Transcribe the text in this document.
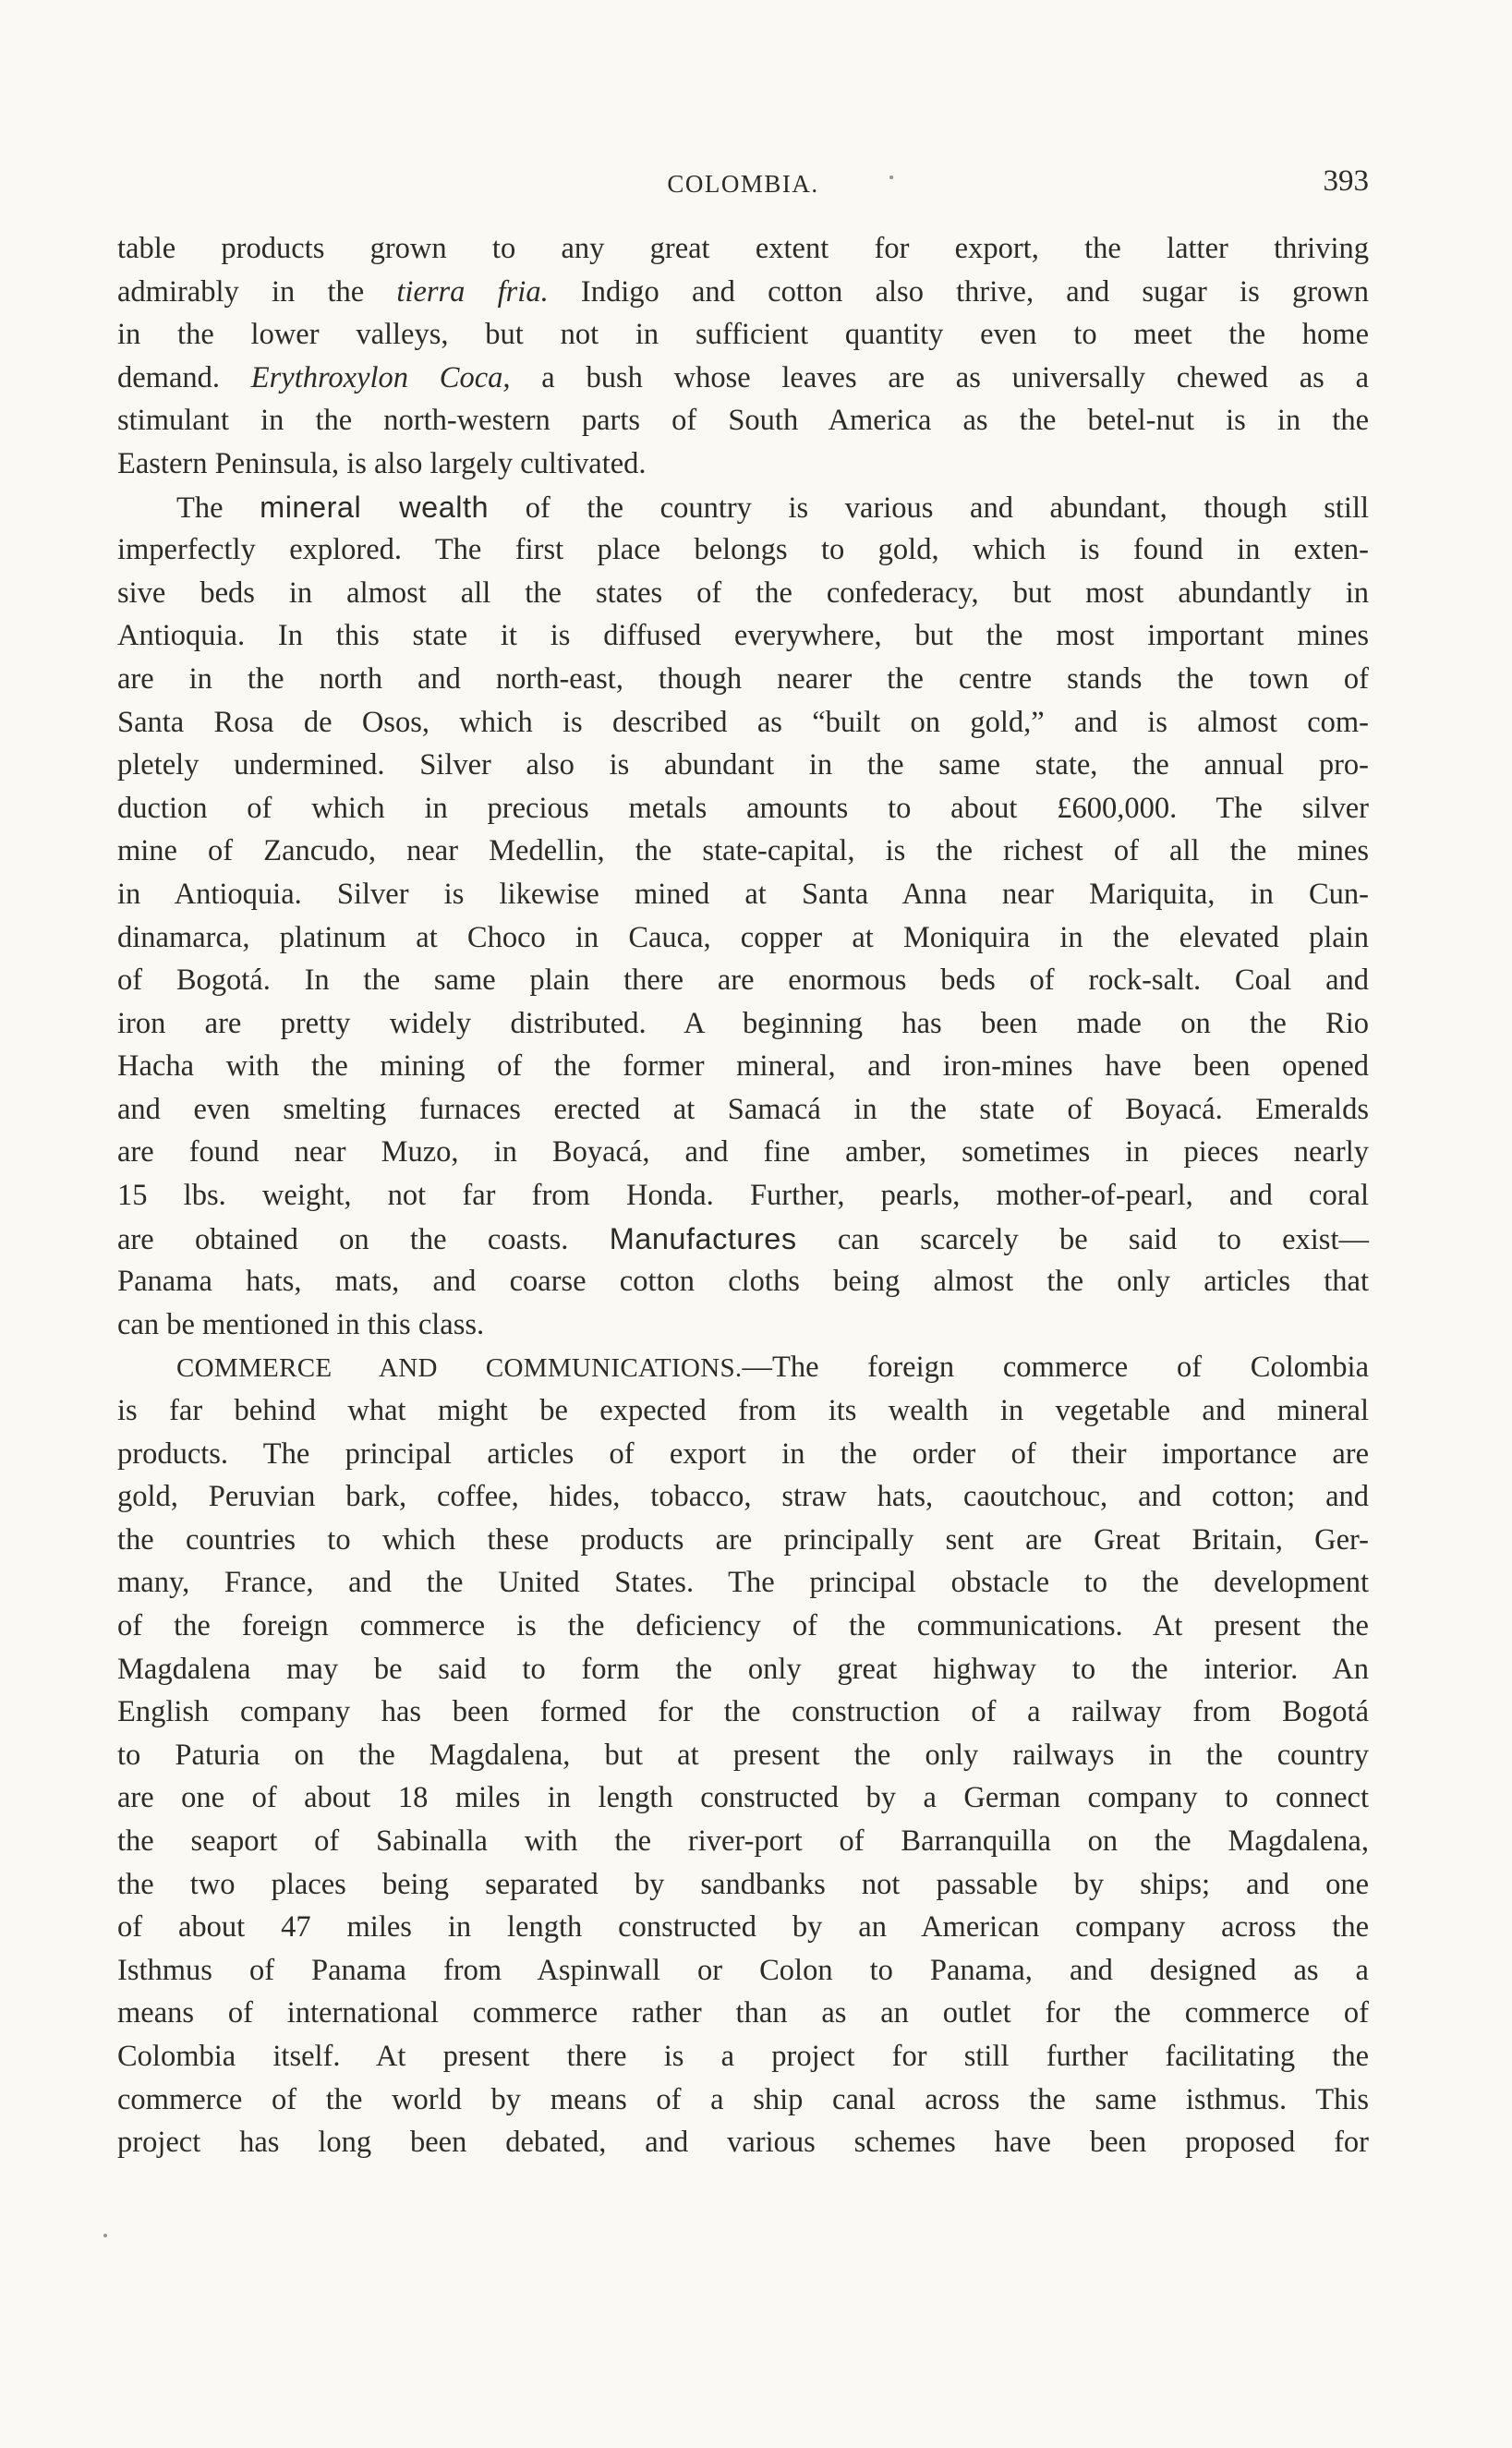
COLOMBIA.	393
table products grown to any great extent for export, the latter thriving
admirably in the tierra fria. Indigo and cotton also thrive, and sugar is grown
in the lower valleys, but not in sufficient quantity even to meet the home
demand. Erythroxylon Coca, a bush whose leaves are as universally chewed as a
stimulant in the north-western parts of South America as the betel-nut is in the
Eastern Peninsula, is also largely cultivated.
The mineral wealth of the country is various and abundant, though still
imperfectly explored. The first place belongs to gold, which is found in exten-
sive beds in almost all the states of the confederacy, but most abundantly in
Antioquia. In this state it is diffused everywhere, but the most important mines
are in the north and north-east, though nearer the centre stands the town of
Santa Rosa de Osos, which is described as “built on gold,” and is almost com-
pletely undermined. Silver also is abundant in the same state, the annual pro-
duction of which in precious metals amounts to about £600,000. The silver
mine of Zancudo, near Medellin, the state-capital, is the richest of all the mines
in Antioquia. Silver is likewise mined at Santa Anna near Mariquita, in Cun-
dinamarca, platinum at Choco in Cauca, copper at Moniquira in the elevated plain
of Bogotá. In the same plain there are enormous beds of rock-salt. Coal and
iron are pretty widely distributed. A beginning has been made on the Rio
Hacha with the mining of the former mineral, and iron-mines have been opened
and even smelting furnaces erected at Samacá in the state of Boyacá. Emeralds
are found near Muzo, in Boyacá, and fine amber, sometimes in pieces nearly
15 lbs. weight, not far from Honda. Further, pearls, mother-of-pearl, and coral
are obtained on the coasts. Manufactures can scarcely be said to exist—
Panama hats, mats, and coarse cotton cloths being almost the only articles that
can be mentioned in this class.
COMMERCE AND COMMUNICATIONS.—The foreign commerce of Colombia
is far behind what might be expected from its wealth in vegetable and mineral
products. The principal articles of export in the order of their importance are
gold, Peruvian bark, coffee, hides, tobacco, straw hats, caoutchouc, and cotton; and
the countries to which these products are principally sent are Great Britain, Ger-
many, France, and the United States. The principal obstacle to the development
of the foreign commerce is the deficiency of the communications. At present the
Magdalena may be said to form the only great highway to the interior. An
English company has been formed for the construction of a railway from Bogotá
to Paturia on the Magdalena, but at present the only railways in the country
are one of about 18 miles in length constructed by a German company to connect
the seaport of Sabinalla with the river-port of Barranquilla on the Magdalena,
the two places being separated by sandbanks not passable by ships; and one
of about 47 miles in length constructed by an American company across the
Isthmus of Panama from Aspinwall or Colon to Panama, and designed as a
means of international commerce rather than as an outlet for the commerce of
Colombia itself. At present there is a project for still further facilitating the
commerce of the world by means of a ship canal across the same isthmus. This
project has long been debated, and various schemes have been proposed for
